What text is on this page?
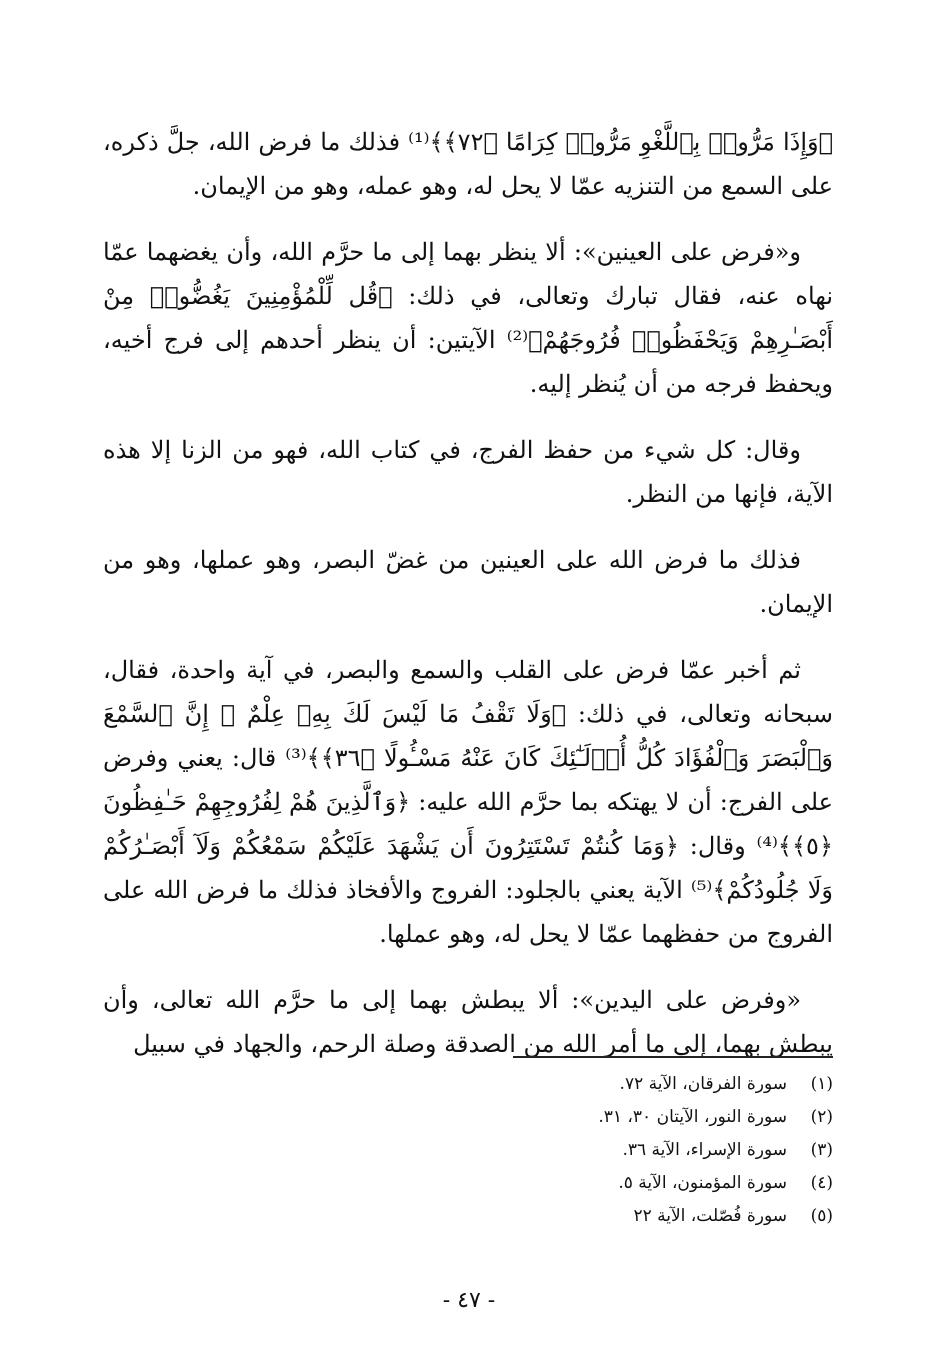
﴿وَإِذَا مَرُّوا۟ بِٱللَّغْوِ مَرُّوا۟ كِرَامًا ﴿٧٢﴾﴾⁽¹⁾ فذلك ما فرض الله، جلَّ ذكره، على السمع من التنزيه عمّا لا يحل له، وهو عمله، وهو من الإيمان.

و«فرض على العينين»: ألا ينظر بهما إلى ما حرَّم الله، وأن يغضهما عمّا نهاه عنه، فقال تبارك وتعالى، في ذلك: ﴿قُل لِّلْمُؤْمِنِينَ يَغُضُّوا۟ مِنْ أَبْصَـٰرِهِمْ وَيَحْفَظُوا۟ فُرُوجَهُمْ﴾⁽²⁾ الآيتين: أن ينظر أحدهم إلى فرج أخيه، ويحفظ فرجه من أن يُنظر إليه.

وقال: كل شيء من حفظ الفرج، في كتاب الله، فهو من الزنا إلا هذه الآية، فإنها من النظر.

فذلك ما فرض الله على العينين من غضّ البصر، وهو عملها، وهو من الإيمان.

ثم أخبر عمّا فرض على القلب والسمع والبصر، في آية واحدة، فقال، سبحانه وتعالى، في ذلك: ﴿وَلَا تَقْفُ مَا لَيْسَ لَكَ بِهِۦ عِلْمٌ ۚ إِنَّ ٱلسَّمْعَ وَٱلْبَصَرَ وَٱلْفُؤَادَ كُلُّ أُو۟لَـٰٓئِكَ كَانَ عَنْهُ مَسْـُٔولًا ﴿٣٦﴾﴾⁽³⁾ قال: يعني وفرض على الفرج: أن لا يهتكه بما حرَّم الله عليه: ﴿وَٱلَّذِينَ هُمْ لِفُرُوجِهِمْ حَـٰفِظُونَ ﴿٥﴾﴾⁽⁴⁾ وقال: ﴿وَمَا كُنتُمْ تَسْتَتِرُونَ أَن يَشْهَدَ عَلَيْكُمْ سَمْعُكُمْ وَلَآ أَبْصَـٰرُكُمْ وَلَا جُلُودُكُمْ﴾⁽⁵⁾ الآية يعني بالجلود: الفروج والأفخاذ فذلك ما فرض الله على الفروج من حفظهما عمّا لا يحل له، وهو عملها.

«وفرض على اليدين»: ألا يبطش بهما إلى ما حرَّم الله تعالى، وأن يبطش بهما، إلى ما أمر الله من الصدقة وصلة الرحم، والجهاد في سبيل

(١)
سورة الفرقان، الآية ٧٢.
(٢)
سورة النور، الآيتان ٣٠، ٣١.
(٣)
سورة الإسراء، الآية ٣٦.
(٤)
سورة المؤمنون، الآية ٥.
(٥)
سورة فُصّلت، الآية ٢٢
- ٤٧ -
